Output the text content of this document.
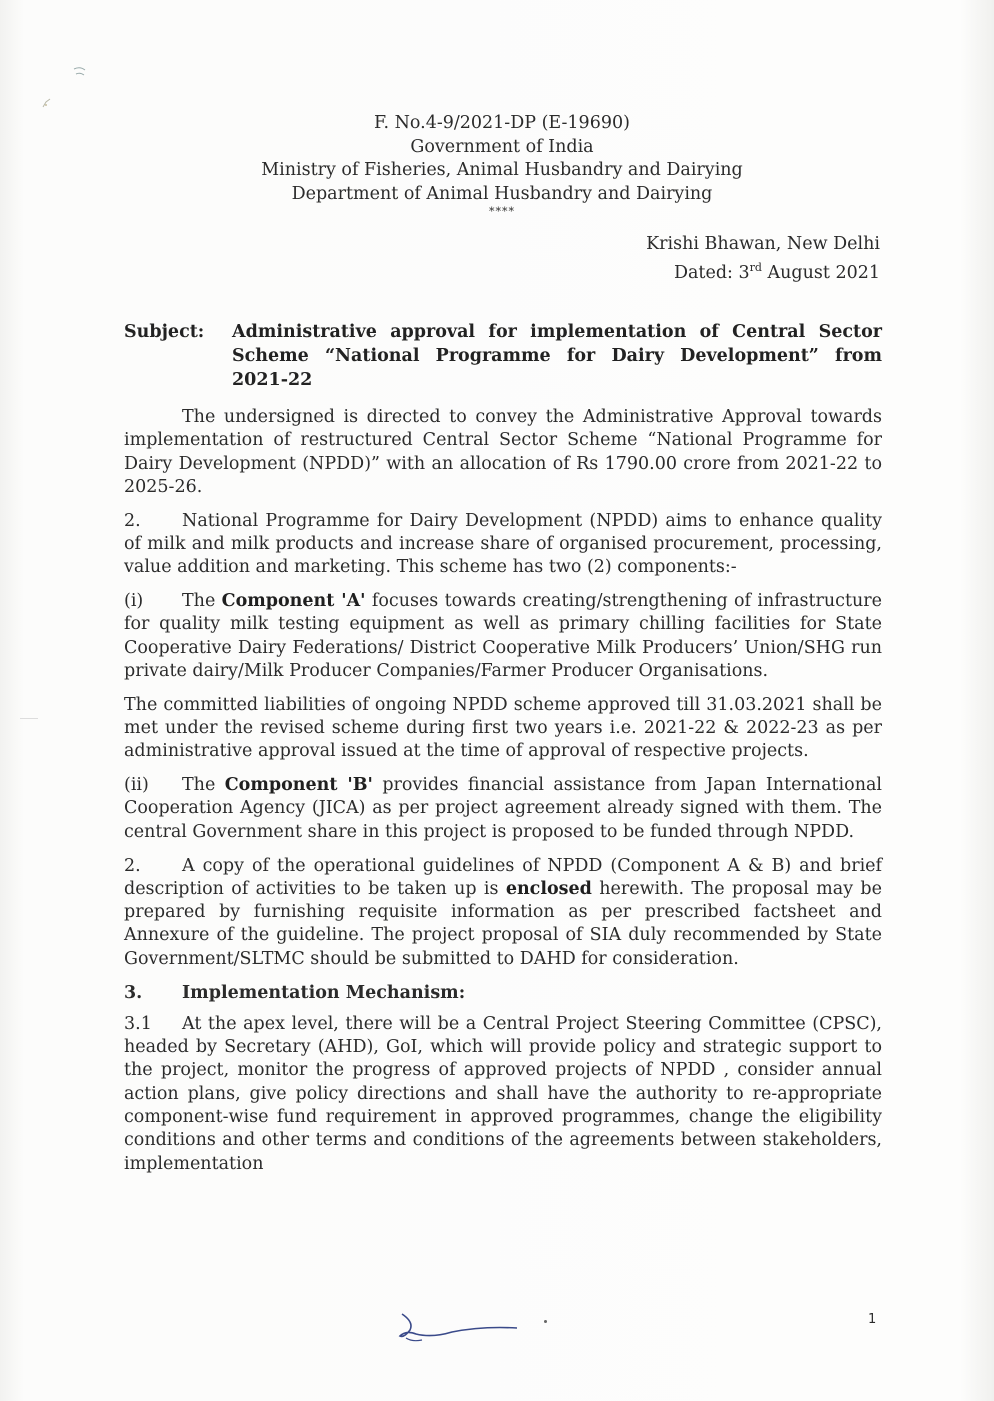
F. No.4-9/2021-DP (E-19690)
Government of India
Ministry of Fisheries, Animal Husbandry and Dairying
Department of Animal Husbandry and Dairying
****
Krishi Bhawan, New Delhi
Dated: 3rd August 2021
Subject: Administrative approval for implementation of Central Sector Scheme “National Programme for Dairy Development” from 2021-22

The undersigned is directed to convey the Administrative Approval towards implementation of restructured Central Sector Scheme “National Programme for Dairy Development (NPDD)” with an allocation of Rs 1790.00 crore from 2021-22 to 2025-26.

2. National Programme for Dairy Development (NPDD) aims to enhance quality of milk and milk products and increase share of organised procurement, processing, value addition and marketing. This scheme has two (2) components:-

(i) The Component 'A' focuses towards creating/strengthening of infrastructure for quality milk testing equipment as well as primary chilling facilities for State Cooperative Dairy Federations/ District Cooperative Milk Producers’ Union/SHG run private dairy/Milk Producer Companies/Farmer Producer Organisations.

The committed liabilities of ongoing NPDD scheme approved till 31.03.2021 shall be met under the revised scheme during first two years i.e. 2021-22 & 2022-23 as per administrative approval issued at the time of approval of respective projects.

(ii) The Component 'B' provides financial assistance from Japan International Cooperation Agency (JICA) as per project agreement already signed with them. The central Government share in this project is proposed to be funded through NPDD.

2. A copy of the operational guidelines of NPDD (Component A & B) and brief description of activities to be taken up is enclosed herewith. The proposal may be prepared by furnishing requisite information as per prescribed factsheet and Annexure of the guideline. The project proposal of SIA duly recommended by State Government/SLTMC should be submitted to DAHD for consideration.

3. Implementation Mechanism:

3.1 At the apex level, there will be a Central Project Steering Committee (CPSC), headed by Secretary (AHD), GoI, which will provide policy and strategic support to the project, monitor the progress of approved projects of NPDD , consider annual action plans, give policy directions and shall have the authority to re-appropriate component-wise fund requirement in approved programmes, change the eligibility conditions and other terms and conditions of the agreements between stakeholders, implementation

1
